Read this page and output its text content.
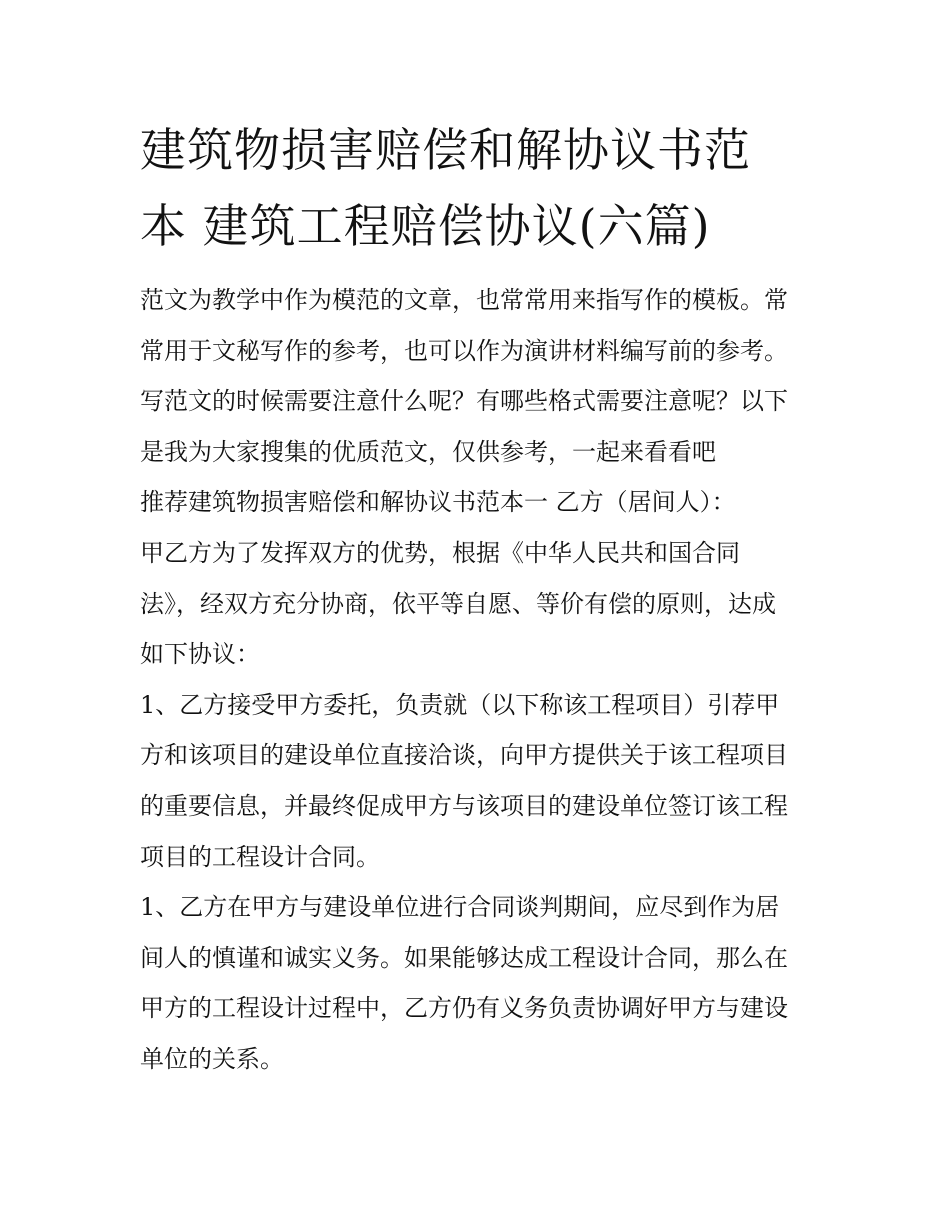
建筑物损害赔偿和解协议书范
本 建筑工程赔偿协议(六篇)
范文为教学中作为模范的文章，也常常用来指写作的模板。常
常用于文秘写作的参考，也可以作为演讲材料编写前的参考。
写范文的时候需要注意什么呢？有哪些格式需要注意呢？以下
是我为大家搜集的优质范文，仅供参考，一起来看看吧
推荐建筑物损害赔偿和解协议书范本一 乙方（居间人）：
甲乙方为了发挥双方的优势，根据《中华人民共和国合同
法》，经双方充分协商，依平等自愿、等价有偿的原则，达成
如下协议：
1、乙方接受甲方委托，负责就（以下称该工程项目）引荐甲
方和该项目的建设单位直接洽谈，向甲方提供关于该工程项目
的重要信息，并最终促成甲方与该项目的建设单位签订该工程
项目的工程设计合同。
1、乙方在甲方与建设单位进行合同谈判期间，应尽到作为居
间人的慎谨和诚实义务。如果能够达成工程设计合同，那么在
甲方的工程设计过程中，乙方仍有义务负责协调好甲方与建设
单位的关系。
